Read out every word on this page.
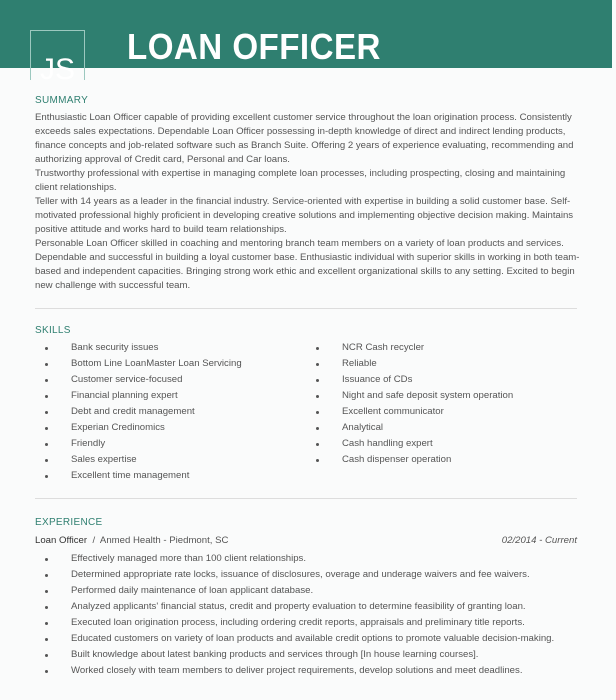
JS
LOAN OFFICER
SUMMARY

Enthusiastic Loan Officer capable of providing excellent customer service throughout the loan origination process. Consistently exceeds sales expectations. Dependable Loan Officer possessing in-depth knowledge of direct and indirect lending products, finance concepts and job-related software such as Branch Suite. Offering 2 years of experience evaluating, recommending and authorizing approval of Credit card, Personal and Car loans.

Trustworthy professional with expertise in managing complete loan processes, including prospecting, closing and maintaining client relationships.

Teller with 14 years as a leader in the financial industry. Service-oriented with expertise in building a solid customer base. Self-motivated professional highly proficient in developing creative solutions and implementing objective decision making. Maintains positive attitude and works hard to build team relationships.

Personable Loan Officer skilled in coaching and mentoring branch team members on a variety of loan products and services. Dependable and successful in building a loyal customer base. Enthusiastic individual with superior skills in working in both team-based and independent capacities. Bringing strong work ethic and excellent organizational skills to any setting. Excited to begin new challenge with successful team.

SKILLS
Bank security issues
Bottom Line LoanMaster Loan Servicing
Customer service-focused
Financial planning expert
Debt and credit management
Experian Credinomics
Friendly
Sales expertise
Excellent time management
NCR Cash recycler
Reliable
Issuance of CDs
Night and safe deposit system operation
Excellent communicator
Analytical
Cash handling expert
Cash dispenser operation
EXPERIENCE
Loan Officer / Anmed Health - Piedmont, SC	02/2014 - Current
Effectively managed more than 100 client relationships.
Determined appropriate rate locks, issuance of disclosures, overage and underage waivers and fee waivers.
Performed daily maintenance of loan applicant database.
Analyzed applicants' financial status, credit and property evaluation to determine feasibility of granting loan.
Executed loan origination process, including ordering credit reports, appraisals and preliminary title reports.
Educated customers on variety of loan products and available credit options to promote valuable decision-making.
Built knowledge about latest banking products and services through [In house learning courses].
Worked closely with team members to deliver project requirements, develop solutions and meet deadlines.
